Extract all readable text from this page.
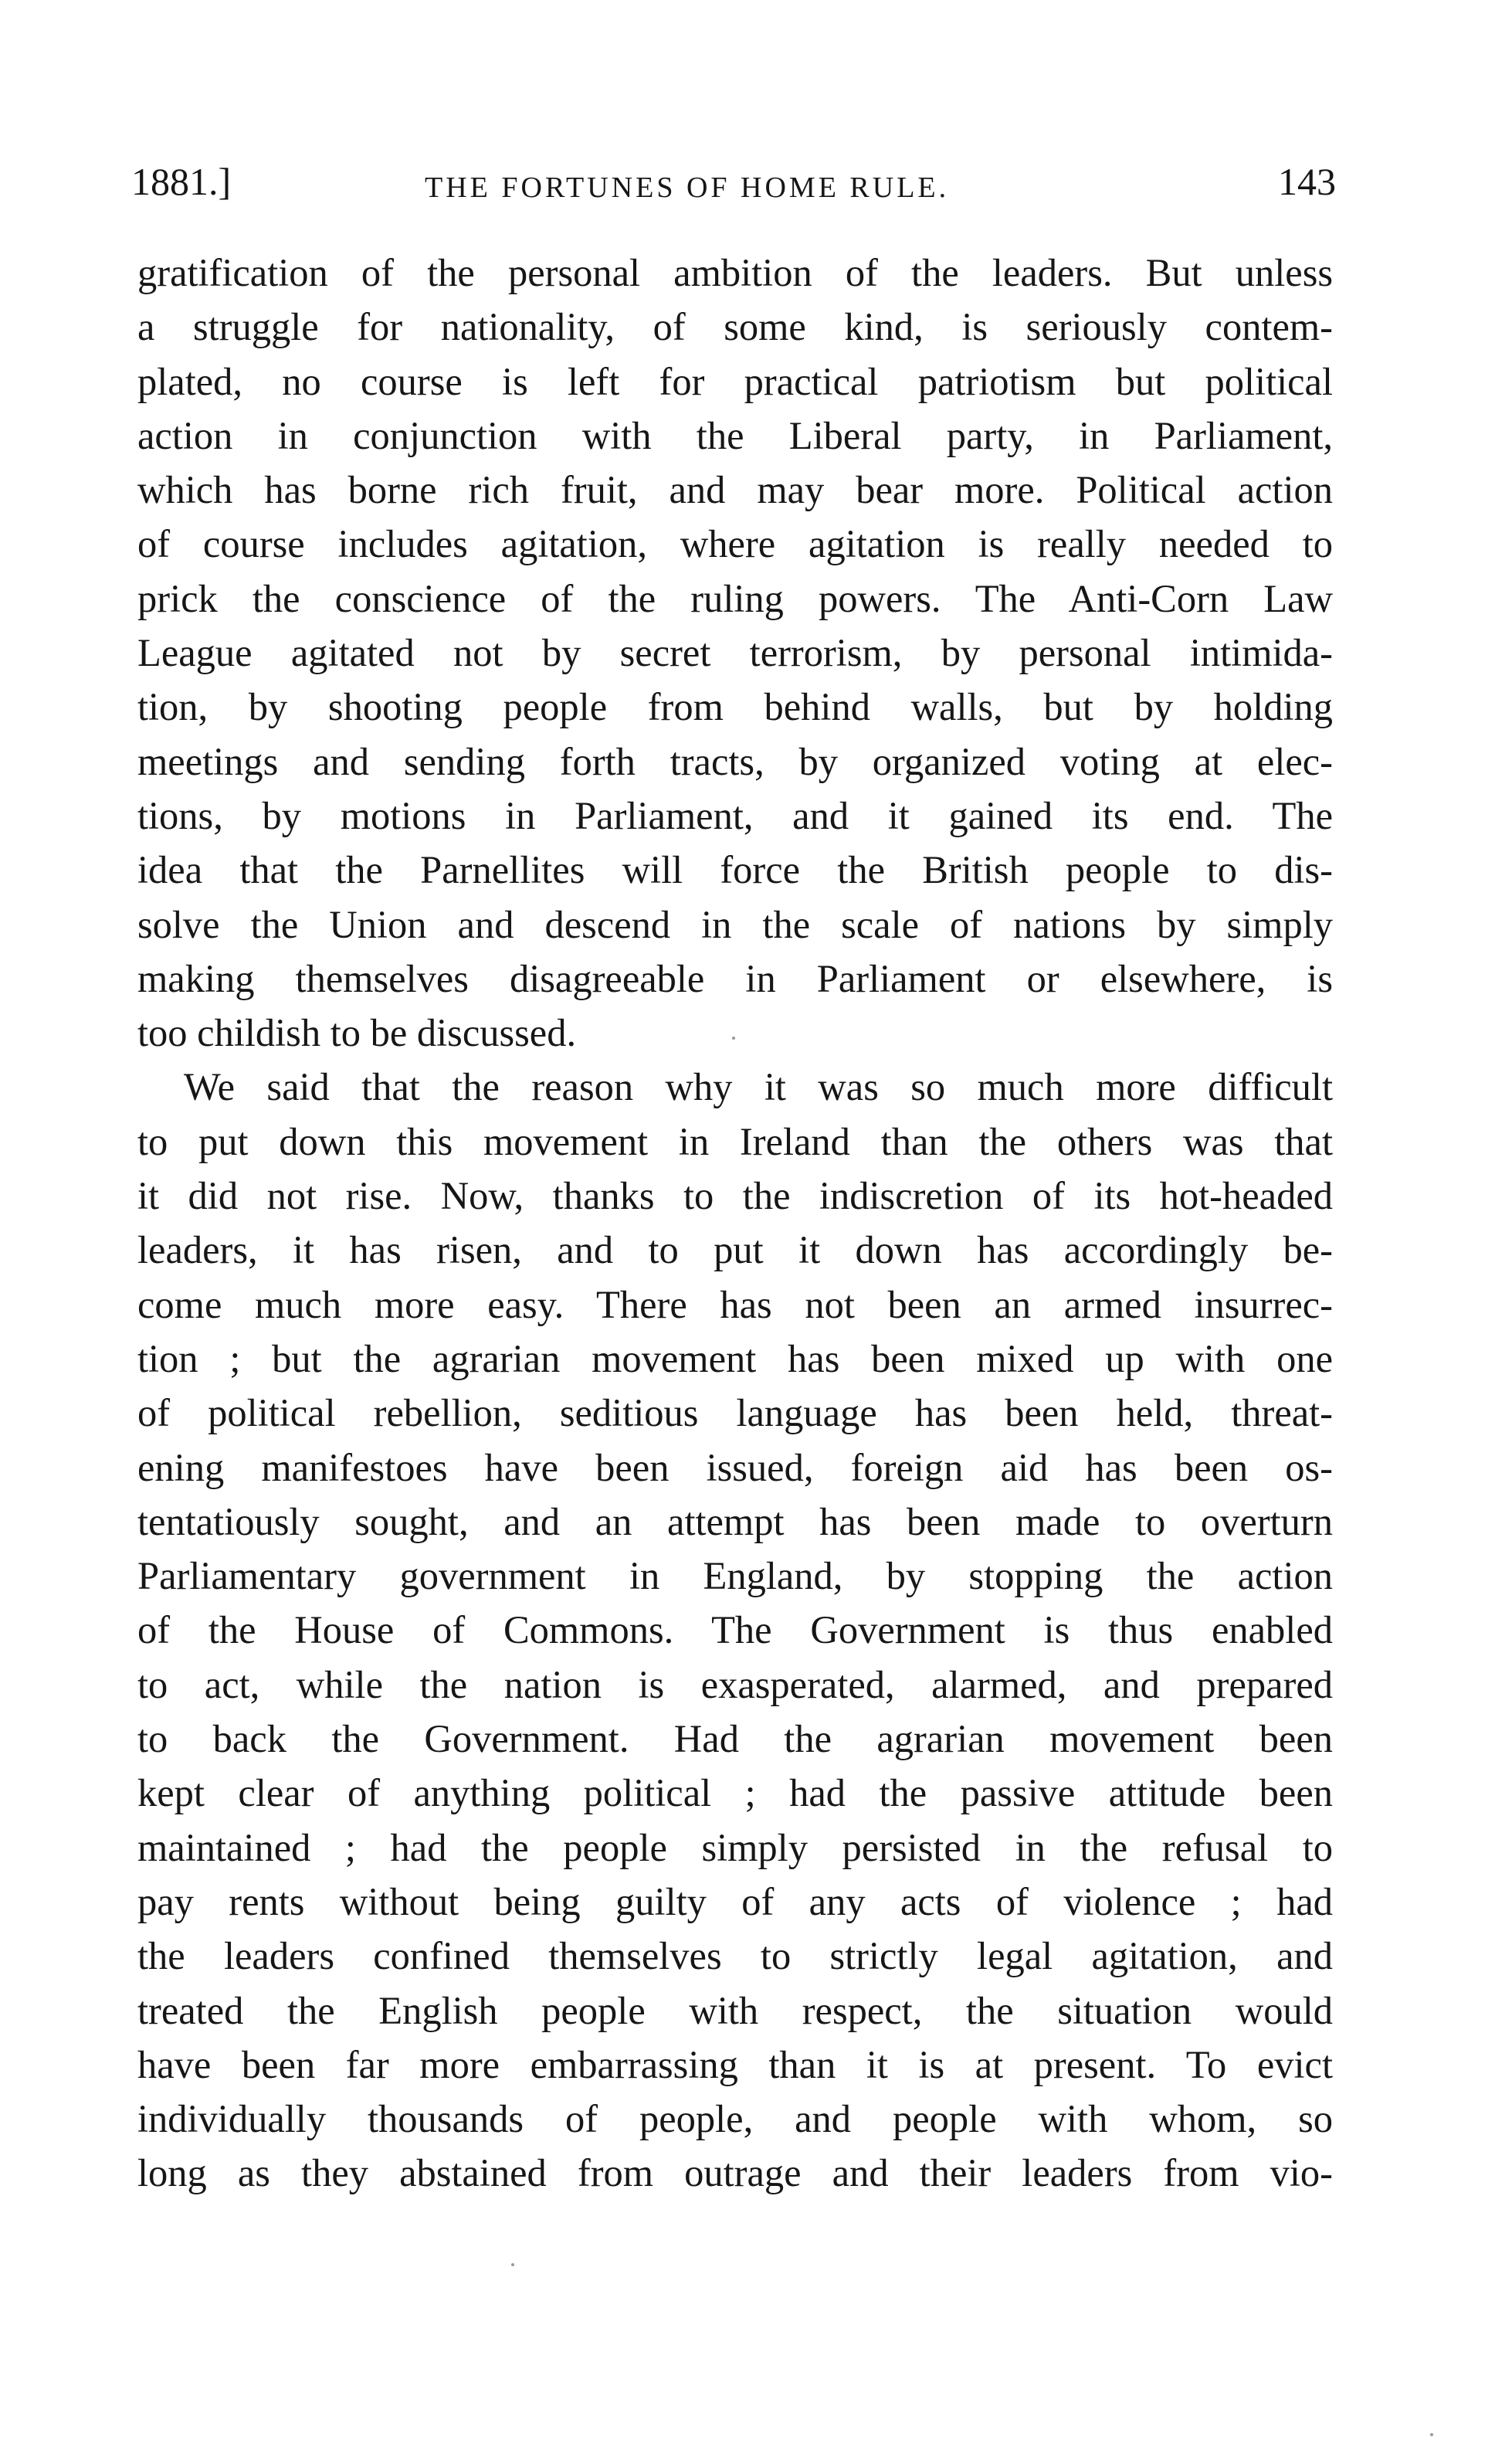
1881.]	THE FORTUNES OF HOME RULE.	143
gratification of the personal ambition of the leaders. But unless
a struggle for nationality, of some kind, is seriously contem-
plated, no course is left for practical patriotism but political
action in conjunction with the Liberal party, in Parliament,
which has borne rich fruit, and may bear more. Political action
of course includes agitation, where agitation is really needed to
prick the conscience of the ruling powers. The Anti-Corn Law
League agitated not by secret terrorism, by personal intimida-
tion, by shooting people from behind walls, but by holding
meetings and sending forth tracts, by organized voting at elec-
tions, by motions in Parliament, and it gained its end. The
idea that the Parnellites will force the British people to dis-
solve the Union and descend in the scale of nations by simply
making themselves disagreeable in Parliament or elsewhere, is
too childish to be discussed.
We said that the reason why it was so much more difficult
to put down this movement in Ireland than the others was that
it did not rise. Now, thanks to the indiscretion of its hot-headed
leaders, it has risen, and to put it down has accordingly be-
come much more easy. There has not been an armed insurrec-
tion ; but the agrarian movement has been mixed up with one
of political rebellion, seditious language has been held, threat-
ening manifestoes have been issued, foreign aid has been os-
tentatiously sought, and an attempt has been made to overturn
Parliamentary government in England, by stopping the action
of the House of Commons. The Government is thus enabled
to act, while the nation is exasperated, alarmed, and prepared
to back the Government. Had the agrarian movement been
kept clear of anything political ; had the passive attitude been
maintained ; had the people simply persisted in the refusal to
pay rents without being guilty of any acts of violence ; had
the leaders confined themselves to strictly legal agitation, and
treated the English people with respect, the situation would
have been far more embarrassing than it is at present. To evict
individually thousands of people, and people with whom, so
long as they abstained from outrage and their leaders from vio-
